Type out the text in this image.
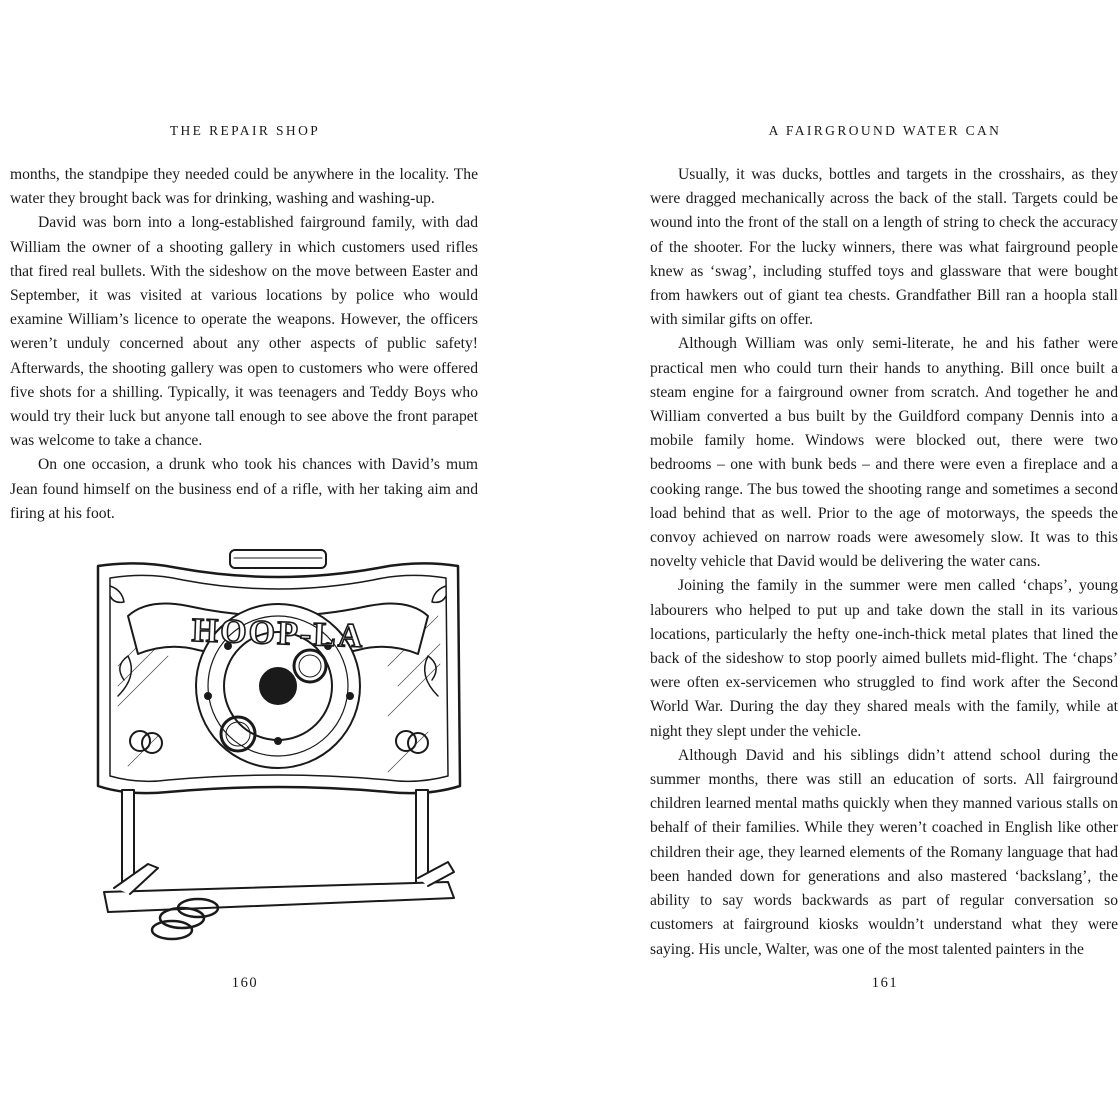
THE REPAIR SHOP

months, the standpipe they needed could be anywhere in the locality. The water they brought back was for drinking, washing and washing-up.

David was born into a long-established fairground family, with dad William the owner of a shooting gallery in which customers used rifles that fired real bullets. With the sideshow on the move between Easter and September, it was visited at various locations by police who would examine William’s licence to operate the weapons. However, the officers weren’t unduly concerned about any other aspects of public safety! Afterwards, the shooting gallery was open to customers who were offered five shots for a shilling. Typically, it was teenagers and Teddy Boys who would try their luck but anyone tall enough to see above the front parapet was welcome to take a chance.

On one occasion, a drunk who took his chances with David’s mum Jean found himself on the business end of a rifle, with her taking aim and firing at his foot.

HOOP-LA
160
A FAIRGROUND WATER CAN

Usually, it was ducks, bottles and targets in the crosshairs, as they were dragged mechanically across the back of the stall. Targets could be wound into the front of the stall on a length of string to check the accuracy of the shooter. For the lucky winners, there was what fairground people knew as ‘swag’, including stuffed toys and glassware that were bought from hawkers out of giant tea chests. Grandfather Bill ran a hoopla stall with similar gifts on offer.

Although William was only semi-literate, he and his father were practical men who could turn their hands to anything. Bill once built a steam engine for a fairground owner from scratch. And together he and William converted a bus built by the Guildford company Dennis into a mobile family home. Windows were blocked out, there were two bedrooms – one with bunk beds – and there were even a fireplace and a cooking range. The bus towed the shooting range and sometimes a second load behind that as well. Prior to the age of motorways, the speeds the convoy achieved on narrow roads were awesomely slow. It was to this novelty vehicle that David would be delivering the water cans.

Joining the family in the summer were men called ‘chaps’, young labourers who helped to put up and take down the stall in its various locations, particularly the hefty one-inch-thick metal plates that lined the back of the sideshow to stop poorly aimed bullets mid-flight. The ‘chaps’ were often ex-servicemen who struggled to find work after the Second World War. During the day they shared meals with the family, while at night they slept under the vehicle.

Although David and his siblings didn’t attend school during the summer months, there was still an education of sorts. All fairground children learned mental maths quickly when they manned various stalls on behalf of their families. While they weren’t coached in English like other children their age, they learned elements of the Romany language that had been handed down for generations and also mastered ‘backslang’, the ability to say words backwards as part of regular conversation so customers at fairground kiosks wouldn’t understand what they were saying. His uncle, Walter, was one of the most talented painters in the

161
